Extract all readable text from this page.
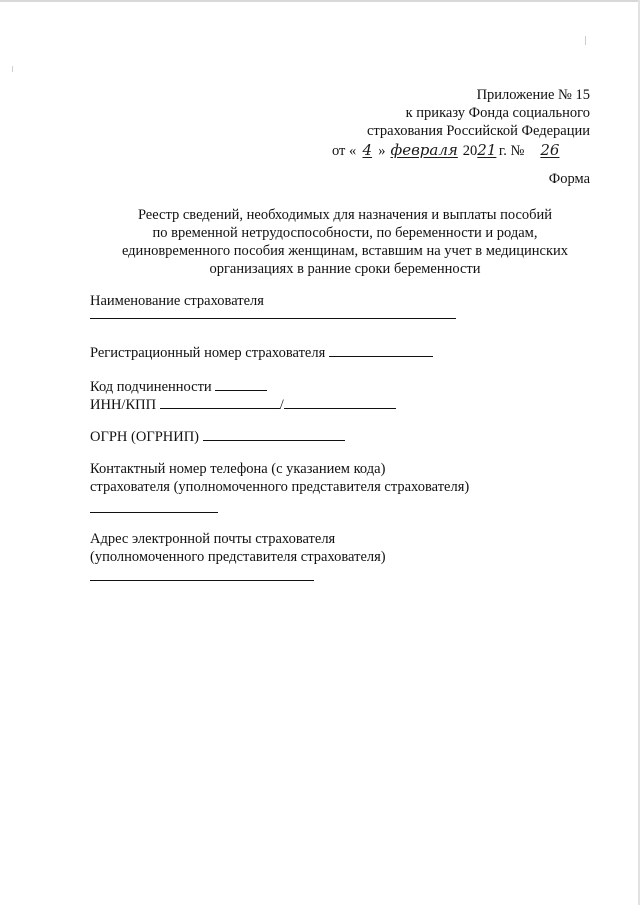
Приложение № 15
к приказу Фонда социального
страхования Российской Федерации
от « 4 » февраля 2021 г. № 26
Форма
Реестр сведений, необходимых для назначения и выплаты пособий
по временной нетрудоспособности, по беременности и родам,
единовременного пособия женщинам, вставшим на учет в медицинских
организациях в ранние сроки беременности
Наименование страхователя
Регистрационный номер страхователя
Код подчиненности
ИНН/КПП	/
ОГРН (ОГРНИП)
Контактный номер телефона (с указанием кода)
страхователя (уполномоченного представителя страхователя)
Адрес электронной почты страхователя
(уполномоченного представителя страхователя)
